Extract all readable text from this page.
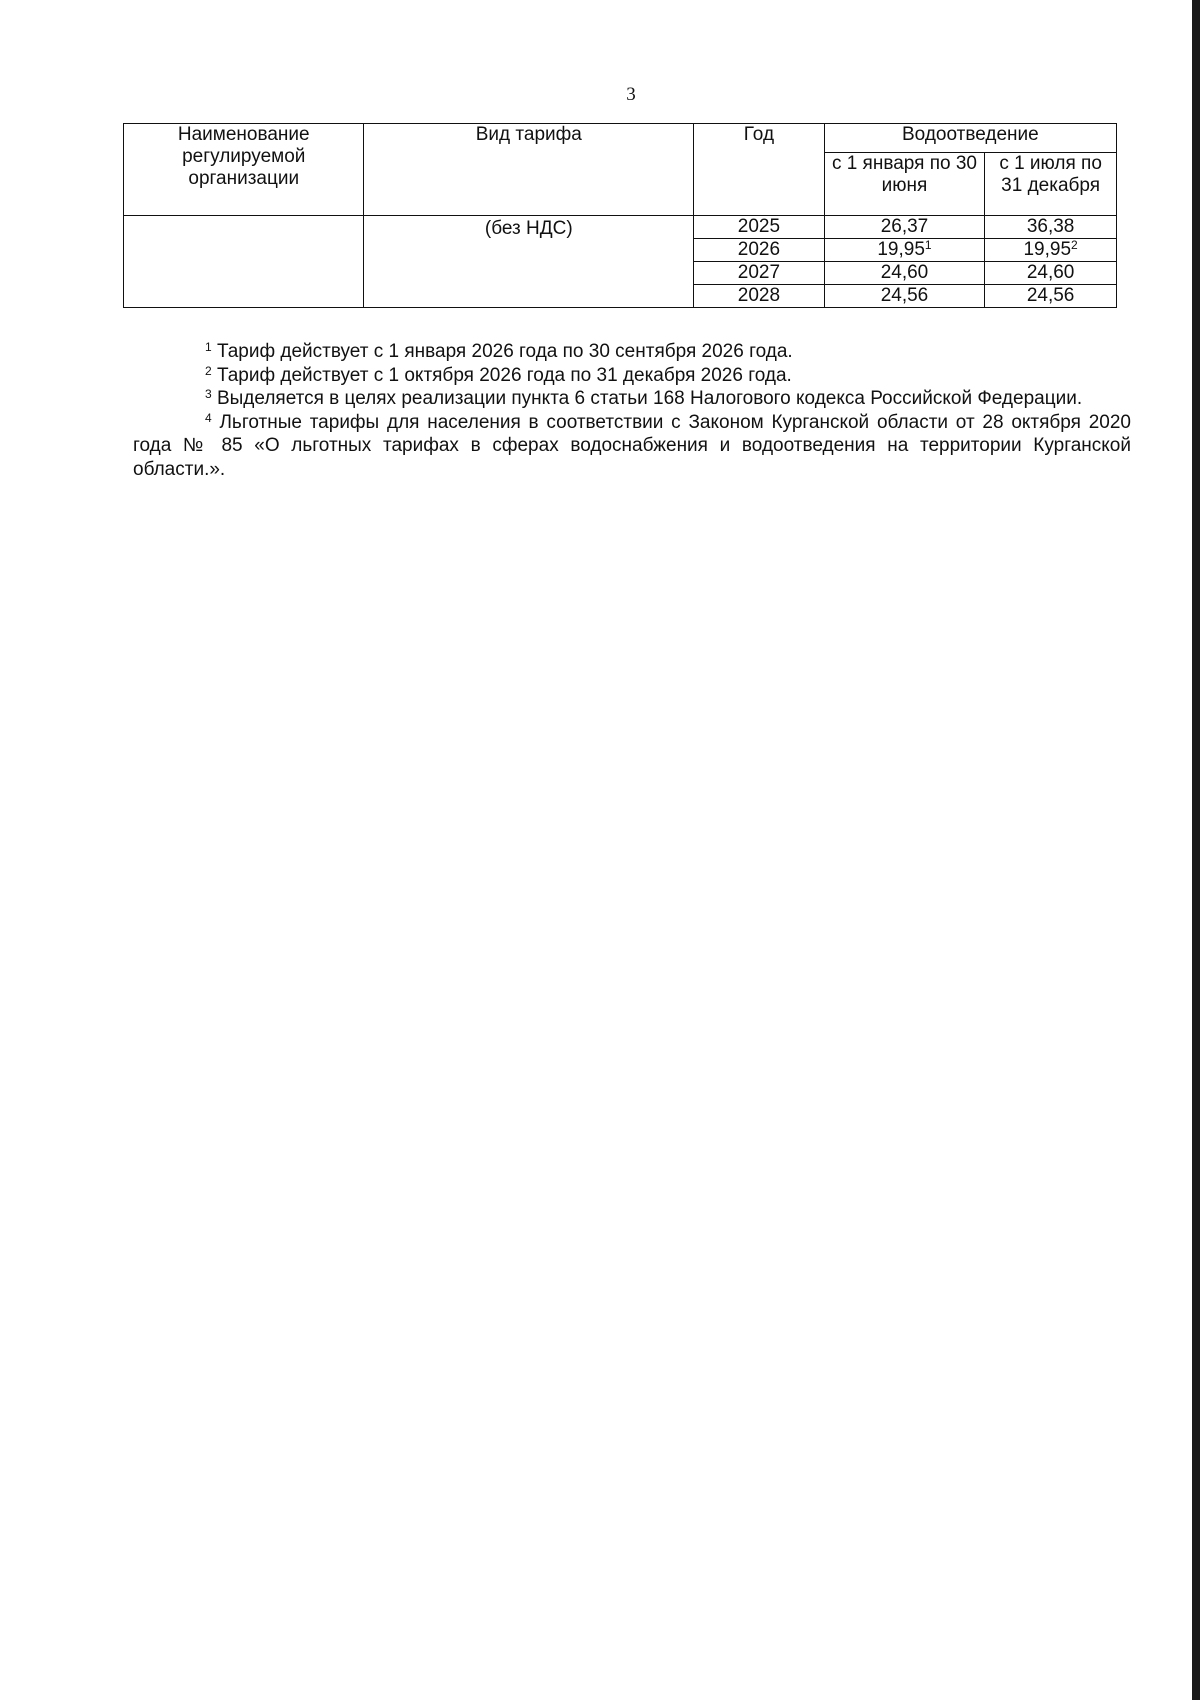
3
Наименование регулируемой организации	Вид тарифа	Год	Водоотведение	
			с 1 января по 30 июня	с 1 июля по 31 декабря
	(без НДС)	2025	26,37	36,38
		2026	19,95$^1$	19,95$^2$
		2027	24,60	24,60
		2028	24,56	24,56

$^1$ Тариф действует с 1 января 2026 года по 30 сентября 2026 года.

$^2$ Тариф действует с 1 октября 2026 года по 31 декабря 2026 года.

$^3$ Выделяется в целях реализации пункта 6 статьи 168 Налогового кодекса Российской Федерации.

$^4$ Льготные тарифы для населения в соответствии с Законом Курганской области от 28 октября 2020 года № 85 «О льготных тарифах в сферах водоснабжения и водоотведения на территории Курганской области.».
